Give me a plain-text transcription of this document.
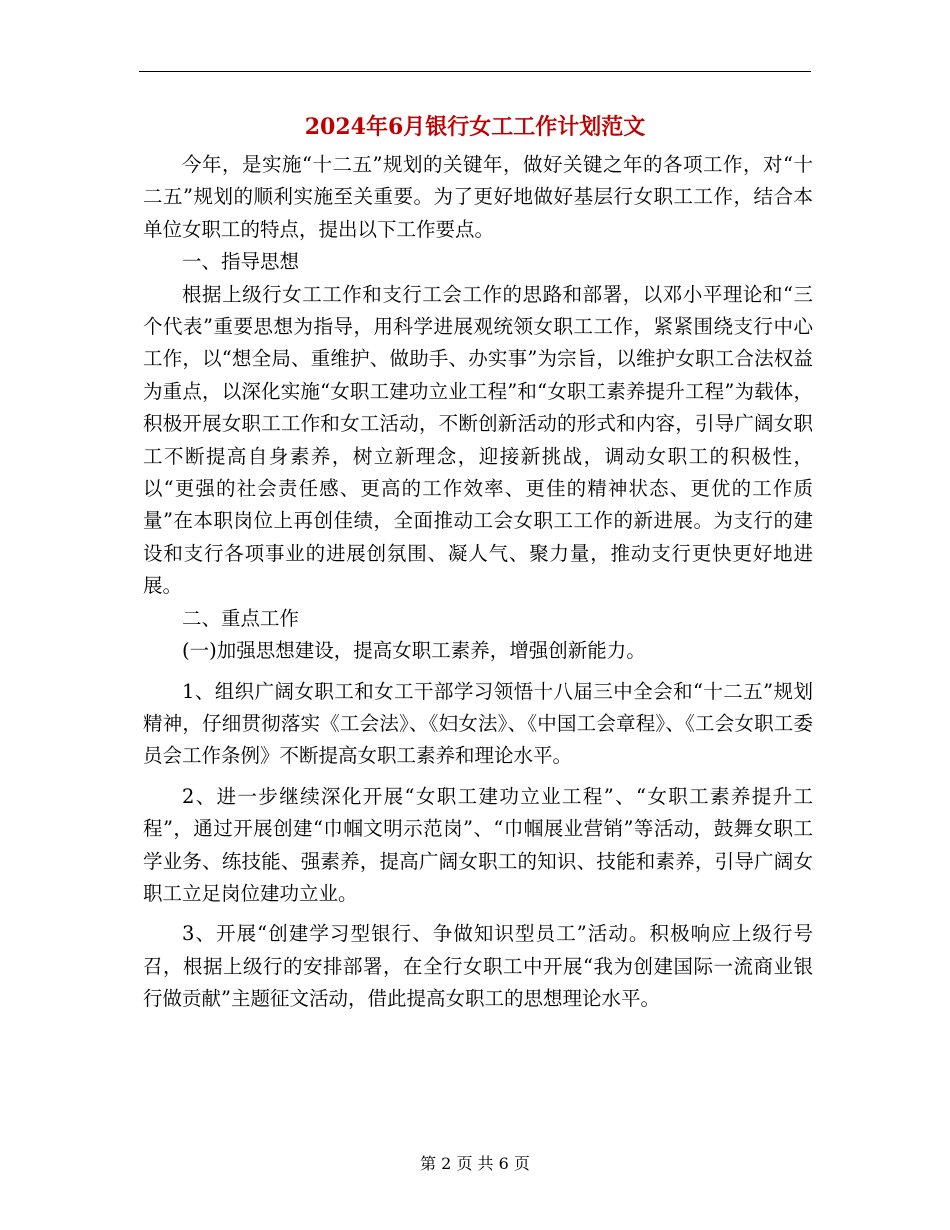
2024年6月银行女工工作计划范文

今年，是实施“十二五”规划的关键年，做好关键之年的各项工作，对“十二五”规划的顺利实施至关重要。为了更好地做好基层行女职工工作，结合本单位女职工的特点，提出以下工作要点。

一、指导思想

根据上级行女工工作和支行工会工作的思路和部署，以邓小平理论和“三个代表”重要思想为指导，用科学进展观统领女职工工作，紧紧围绕支行中心工作，以“想全局、重维护、做助手、办实事”为宗旨，以维护女职工合法权益为重点，以深化实施“女职工建功立业工程”和“女职工素养提升工程”为载体，积极开展女职工工作和女工活动，不断创新活动的形式和内容，引导广阔女职工不断提高自身素养，树立新理念，迎接新挑战，调动女职工的积极性，以“更强的社会责任感、更高的工作效率、更佳的精神状态、更优的工作质量”在本职岗位上再创佳绩，全面推动工会女职工工作的新进展。为支行的建设和支行各项事业的进展创氛围、凝人气、聚力量，推动支行更快更好地进展。

二、重点工作

(一)加强思想建设，提高女职工素养，增强创新能力。

1、组织广阔女职工和女工干部学习领悟十八届三中全会和“十二五”规划精神，仔细贯彻落实《工会法》、《妇女法》、《中国工会章程》、《工会女职工委员会工作条例》不断提高女职工素养和理论水平。

2、进一步继续深化开展“女职工建功立业工程”、“女职工素养提升工程”，通过开展创建“巾帼文明示范岗”、“巾帼展业营销”等活动，鼓舞女职工学业务、练技能、强素养，提高广阔女职工的知识、技能和素养，引导广阔女职工立足岗位建功立业。

3、开展“创建学习型银行、争做知识型员工”活动。积极响应上级行号召，根据上级行的安排部署，在全行女职工中开展“我为创建国际一流商业银行做贡献”主题征文活动，借此提高女职工的思想理论水平。

第 2 页 共 6 页
